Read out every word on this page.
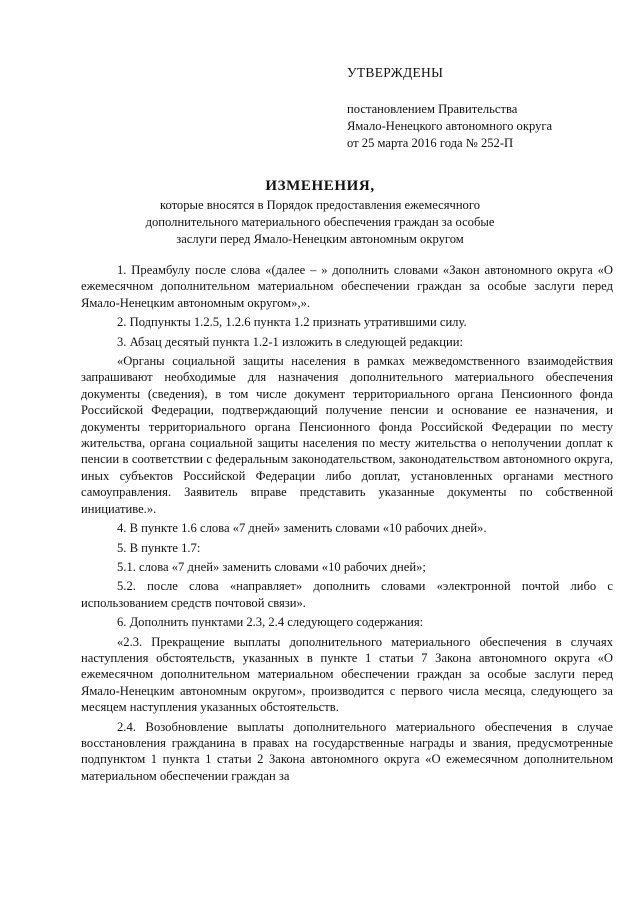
УТВЕРЖДЕНЫ
постановлением Правительства
Ямало-Ненецкого автономного округа
от 25 марта 2016 года № 252-П
ИЗМЕНЕНИЯ,
которые вносятся в Порядок предоставления ежемесячного
дополнительного материального обеспечения граждан за особые
заслуги перед Ямало-Ненецким автономным округом

1. Преамбулу после слова «(далее – » дополнить словами «Закон автономного округа «О ежемесячном дополнительном материальном обеспечении граждан за особые заслуги перед Ямало-Ненецким автономным округом»,».

2. Подпункты 1.2.5, 1.2.6 пункта 1.2 признать утратившими силу.

3. Абзац десятый пункта 1.2-1 изложить в следующей редакции:

«Органы социальной защиты населения в рамках межведомственного взаимодействия запрашивают необходимые для назначения дополнительного материального обеспечения документы (сведения), в том числе документ территориального органа Пенсионного фонда Российской Федерации, подтверждающий получение пенсии и основание ее назначения, и документы территориального органа Пенсионного фонда Российской Федерации по месту жительства, органа социальной защиты населения по месту жительства о неполучении доплат к пенсии в соответствии с федеральным законодательством, законодательством автономного округа, иных субъектов Российской Федерации либо доплат, установленных органами местного самоуправления. Заявитель вправе представить указанные документы по собственной инициативе.».

4. В пункте 1.6 слова «7 дней» заменить словами «10 рабочих дней».

5. В пункте 1.7:

5.1. слова «7 дней» заменить словами «10 рабочих дней»;

5.2. после слова «направляет» дополнить словами «электронной почтой либо с использованием средств почтовой связи».

6. Дополнить пунктами 2.3, 2.4 следующего содержания:

«2.3. Прекращение выплаты дополнительного материального обеспечения в случаях наступления обстоятельств, указанных в пункте 1 статьи 7 Закона автономного округа «О ежемесячном дополнительном материальном обеспечении граждан за особые заслуги перед Ямало-Ненецким автономным округом», производится с первого числа месяца, следующего за месяцем наступления указанных обстоятельств.

2.4. Возобновление выплаты дополнительного материального обеспечения в случае восстановления гражданина в правах на государственные награды и звания, предусмотренные подпунктом 1 пункта 1 статьи 2 Закона автономного округа «О ежемесячном дополнительном материальном обеспечении граждан за
